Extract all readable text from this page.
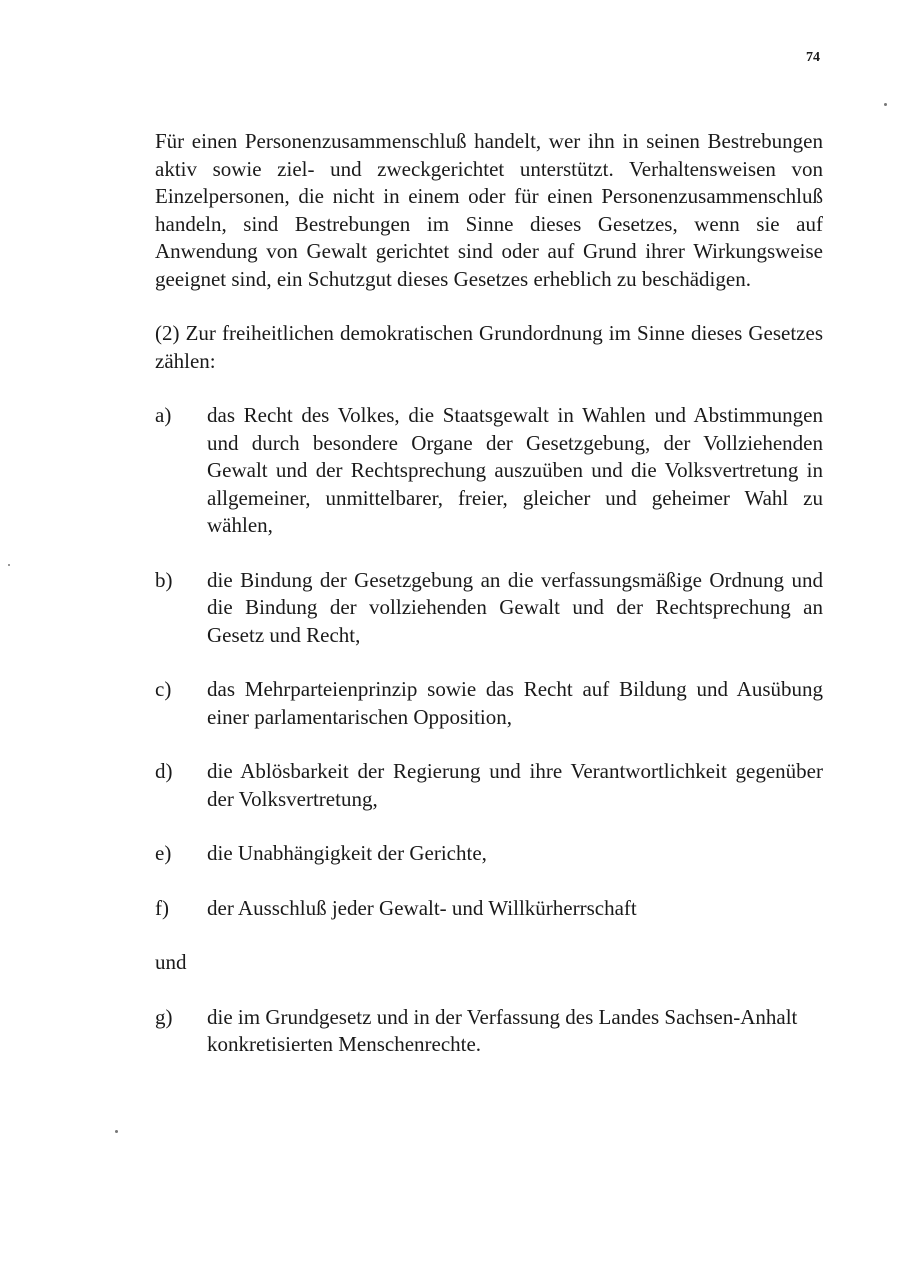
74

Für einen Personenzusammenschluß handelt, wer ihn in seinen Bestrebungen aktiv sowie ziel- und zweckgerichtet unterstützt. Verhaltensweisen von Einzelpersonen, die nicht in einem oder für einen Personenzusammenschluß handeln, sind Bestrebungen im Sinne dieses Gesetzes, wenn sie auf Anwendung von Gewalt gerichtet sind oder auf Grund ihrer Wirkungsweise geeignet sind, ein Schutzgut dieses Gesetzes erheblich zu beschädigen.

(2) Zur freiheitlichen demokratischen Grundordnung im Sinne dieses Gesetzes zählen:

a)	das Recht des Volkes, die Staatsgewalt in Wahlen und Abstimmungen und durch besondere Organe der Gesetzgebung, der Vollziehenden Gewalt und der Rechtsprechung auszuüben und die Volksvertretung in allgemeiner, unmittelbarer, freier, gleicher und geheimer Wahl zu wählen,
b)	die Bindung der Gesetzgebung an die verfassungsmäßige Ordnung und die Bindung der vollziehenden Gewalt und der Rechtsprechung an Gesetz und Recht,
c)	das Mehrparteienprinzip sowie das Recht auf Bildung und Ausübung einer parlamentarischen Opposition,
d)	die Ablösbarkeit der Regierung und ihre Verantwortlichkeit gegenüber der Volksvertretung,
e)	die Unabhängigkeit der Gerichte,
f)	der Ausschluß jeder Gewalt- und Willkürherrschaft

und

g)	die im Grundgesetz und in der Verfassung des Landes Sachsen-Anhalt konkretisierten Menschenrechte.
